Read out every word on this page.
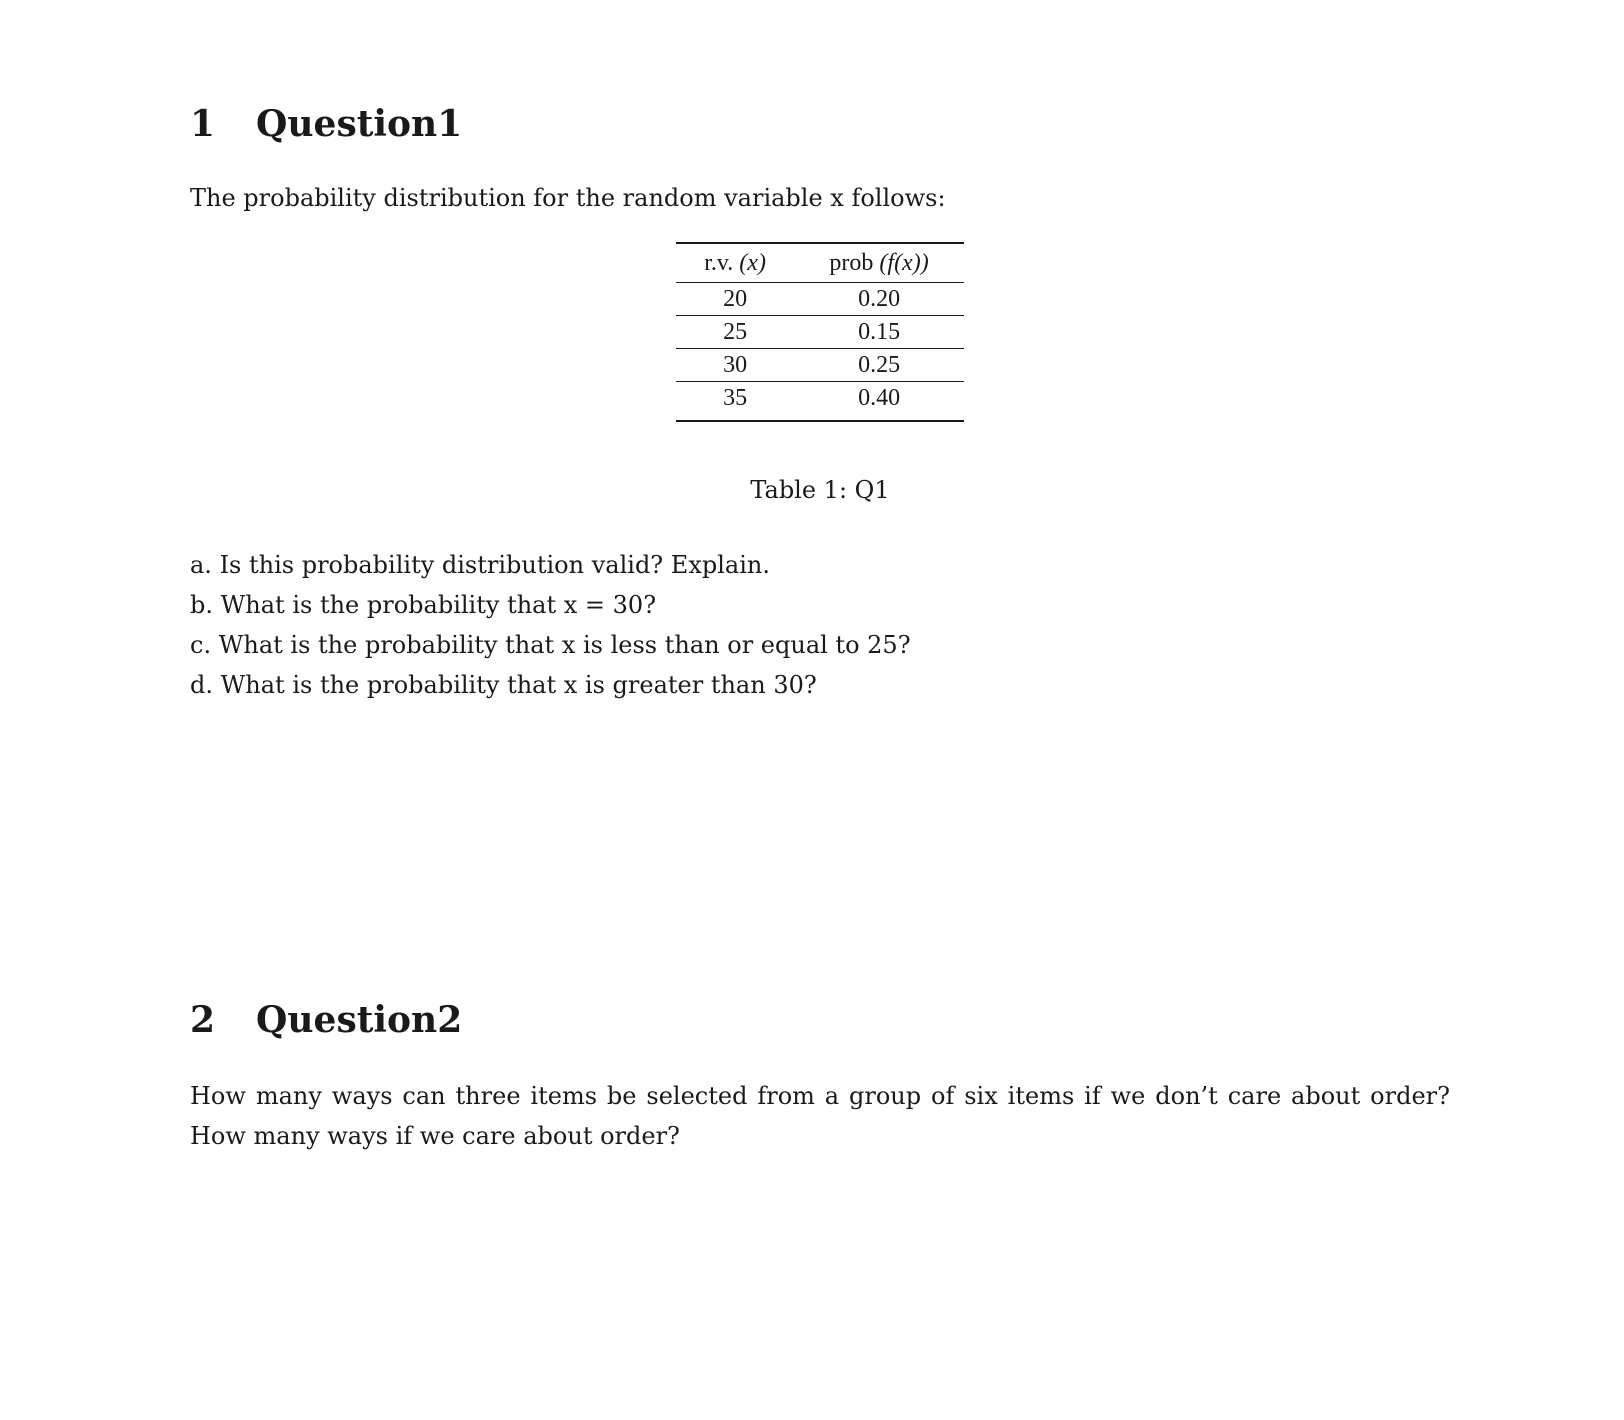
1 Question1

The probability distribution for the random variable x follows:

r.v. (x)	prob (f(x))
20	0.20
25	0.15
30	0.25
35	0.40

Table 1: Q1

a. Is this probability distribution valid? Explain.
b. What is the probability that x = 30?
c. What is the probability that x is less than or equal to 25?
d. What is the probability that x is greater than 30?
2 Question2

How many ways can three items be selected from a group of six items if we don’t care about order? How many ways if we care about order?
